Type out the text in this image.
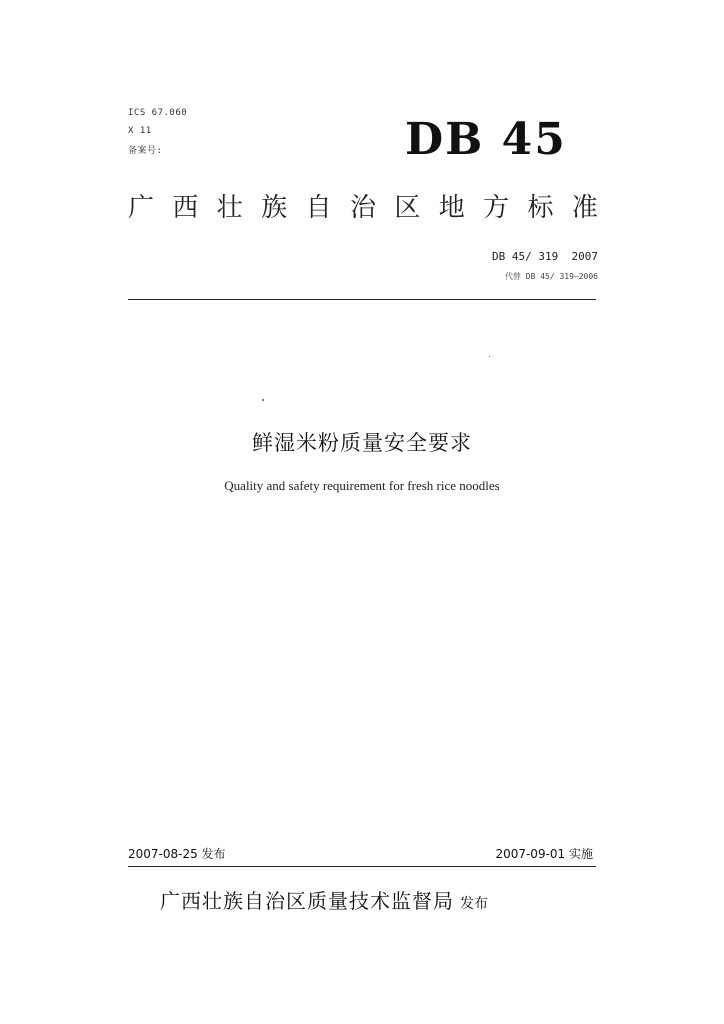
ICS 67.060
X 11
备案号:	DB 45
广 西 壮 族 自 治 区 地 方 标 准
DB 45/ 319  2007
代替 DB 45/ 319—2006
鲜湿米粉质量安全要求
Quality and safety requirement for fresh rice noodles
2007-08-25 发布	2007-09-01 实施
广西壮族自治区质量技术监督局 发布
